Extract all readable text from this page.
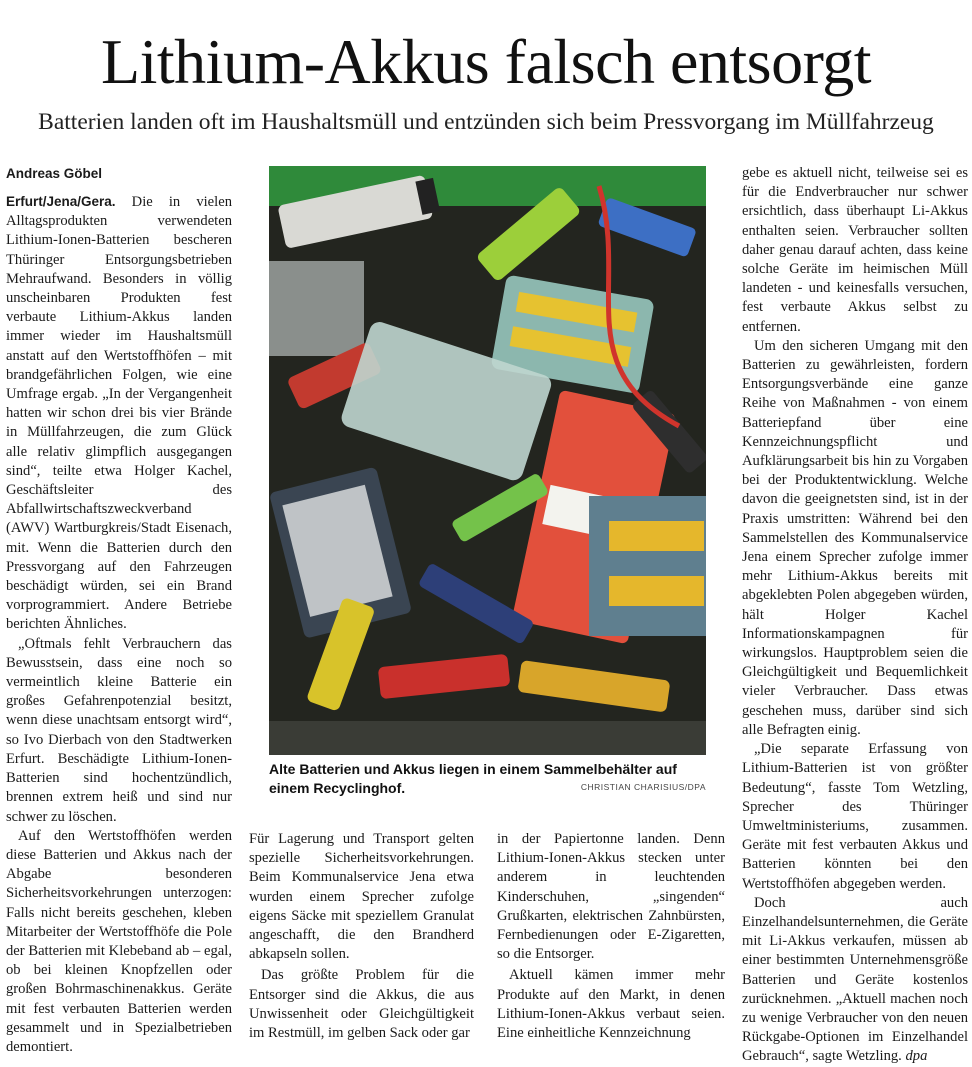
Lithium-Akkus falsch entsorgt
Batterien landen oft im Haushaltsmüll und entzünden sich beim Pressvorgang im Müllfahrzeug
Andreas Göbel

Erfurt/Jena/Gera. Die in vielen Alltagsprodukten verwendeten Lithium-Ionen-Batterien bescheren Thüringer Entsorgungsbetrieben Mehraufwand. Besonders in völlig unscheinbaren Produkten fest verbaute Lithium-Akkus landen immer wieder im Haushaltsmüll anstatt auf den Wertstoffhöfen – mit brandgefährlichen Folgen, wie eine Umfrage ergab. „In der Vergangenheit hatten wir schon drei bis vier Brände in Müllfahrzeugen, die zum Glück alle relativ glimpflich ausgegangen sind“, teilte etwa Holger Kachel, Geschäftsleiter des Abfallwirtschaftszweckverband (AWV) Wartburgkreis/Stadt Eisenach, mit. Wenn die Batterien durch den Pressvorgang auf den Fahrzeugen beschädigt würden, sei ein Brand vorprogrammiert. Andere Betriebe berichten Ähnliches.

„Oftmals fehlt Verbrauchern das Bewusstsein, dass eine noch so vermeintlich kleine Batterie ein großes Gefahrenpotenzial besitzt, wenn diese unachtsam entsorgt wird“, so Ivo Dierbach von den Stadtwerken Erfurt. Beschädigte Lithium-Ionen-Batterien sind hochentzündlich, brennen extrem heiß und sind nur schwer zu löschen.

Auf den Wertstoffhöfen werden diese Batterien und Akkus nach der Abgabe besonderen Sicherheitsvorkehrungen unterzogen: Falls nicht bereits geschehen, kleben Mitarbeiter der Wertstoffhöfe die Pole der Batterien mit Klebeband ab – egal, ob bei kleinen Knopfzellen oder großen Bohrmaschinenakkus. Geräte mit fest verbauten Batterien werden gesammelt und in Spezialbetrieben demontiert.

Alte Batterien und Akkus liegen in einem Sammelbehälter auf einem Recyclinghof.	CHRISTIAN CHARISIUS/DPA

Für Lagerung und Transport gelten spezielle Sicherheitsvorkehrungen. Beim Kommunalservice Jena etwa wurden einem Sprecher zufolge eigens Säcke mit speziellem Granulat angeschafft, die den Brandherd abkapseln sollen.

Das größte Problem für die Entsorger sind die Akkus, die aus Unwissenheit oder Gleichgültigkeit im Restmüll, im gelben Sack oder gar

in der Papiertonne landen. Denn Lithium-Ionen-Akkus stecken unter anderem in leuchtenden Kinderschuhen, „singenden“ Grußkarten, elektrischen Zahnbürsten, Fernbedienungen oder E-Zigaretten, so die Entsorger.

Aktuell kämen immer mehr Produkte auf den Markt, in denen Lithium-Ionen-Akkus verbaut seien. Eine einheitliche Kennzeichnung

gebe es aktuell nicht, teilweise sei es für die Endverbraucher nur schwer ersichtlich, dass überhaupt Li-Akkus enthalten seien. Verbraucher sollten daher genau darauf achten, dass keine solche Geräte im heimischen Müll landeten - und keinesfalls versuchen, fest verbaute Akkus selbst zu entfernen.

Um den sicheren Umgang mit den Batterien zu gewährleisten, fordern Entsorgungsverbände eine ganze Reihe von Maßnahmen - von einem Batteriepfand über eine Kennzeichnungspflicht und Aufklärungsarbeit bis hin zu Vorgaben bei der Produktentwicklung. Welche davon die geeignetsten sind, ist in der Praxis umstritten: Während bei den Sammelstellen des Kommunalservice Jena einem Sprecher zufolge immer mehr Lithium-Akkus bereits mit abgeklebten Polen abgegeben würden, hält Holger Kachel Informationskampagnen für wirkungslos. Hauptproblem seien die Gleichgültigkeit und Bequemlichkeit vieler Verbraucher. Dass etwas geschehen muss, darüber sind sich alle Befragten einig.

„Die separate Erfassung von Lithium-Batterien ist von größter Bedeutung“, fasste Tom Wetzling, Sprecher des Thüringer Umweltministeriums, zusammen. Geräte mit fest verbauten Akkus und Batterien könnten bei den Wertstoffhöfen abgegeben werden.

Doch auch Einzelhandelsunternehmen, die Geräte mit Li-Akkus verkaufen, müssen ab einer bestimmten Unternehmensgröße Batterien und Geräte kostenlos zurücknehmen. „Aktuell machen noch zu wenige Verbraucher von den neuen Rückgabe-Optionen im Einzelhandel Gebrauch“, sagte Wetzling. dpa
